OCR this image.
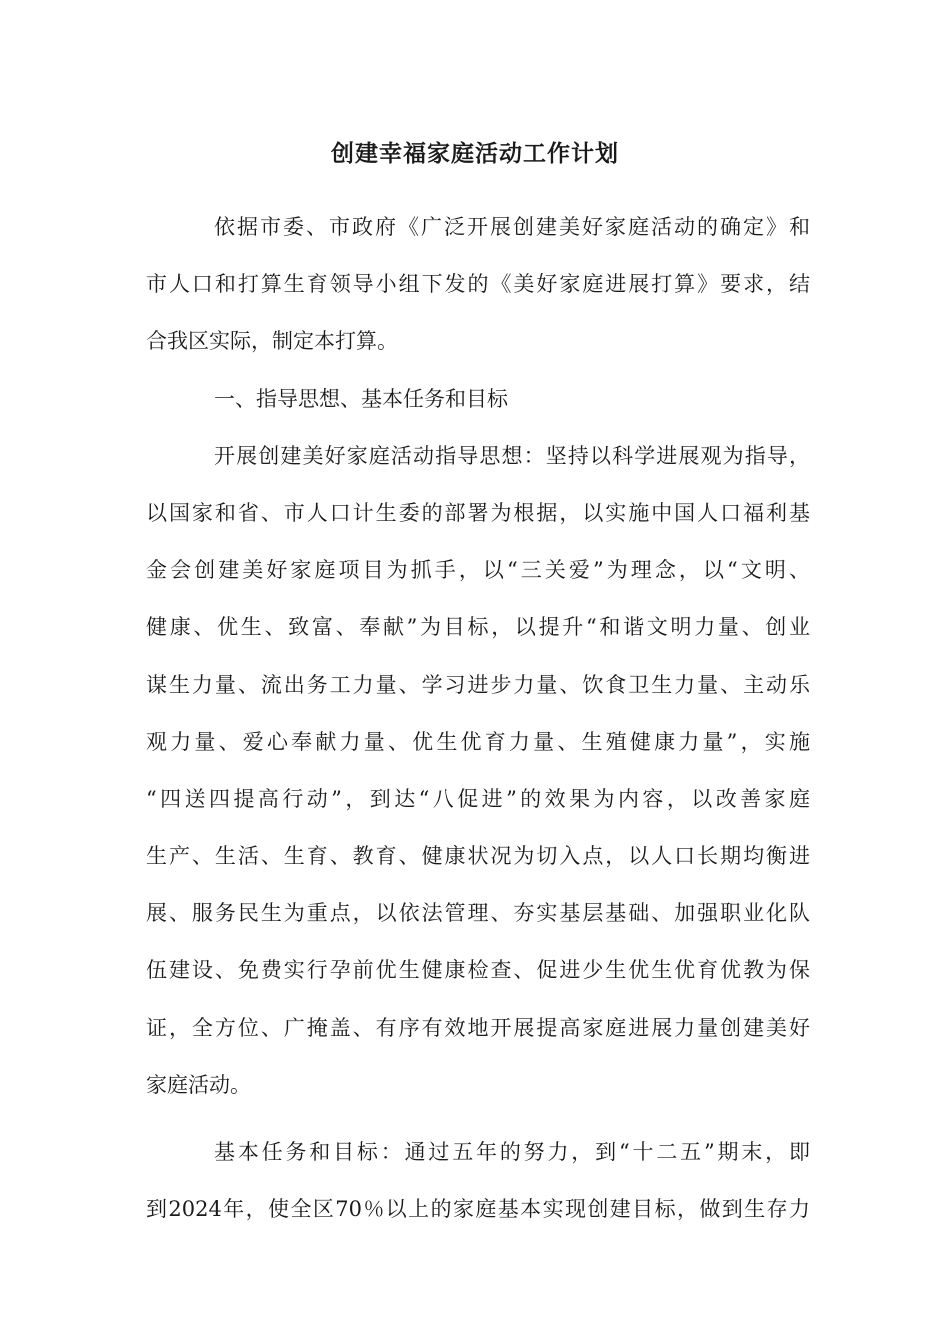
创建幸福家庭活动工作计划
依据市委、市政府《广泛开展创建美好家庭活动的确定》和
市人口和打算生育领导小组下发的《美好家庭进展打算》要求，结
合我区实际，制定本打算。
一、指导思想、基本任务和目标
开展创建美好家庭活动指导思想：坚持以科学进展观为指导，
以国家和省、市人口计生委的部署为根据，以实施中国人口福利基
金会创建美好家庭项目为抓手，以“三关爱”为理念，以“文明、
健康、优生、致富、奉献”为目标，以提升“和谐文明力量、创业
谋生力量、流出务工力量、学习进步力量、饮食卫生力量、主动乐
观力量、爱心奉献力量、优生优育力量、生殖健康力量”，实施
“四送四提高行动”，到达“八促进”的效果为内容，以改善家庭
生产、生活、生育、教育、健康状况为切入点，以人口长期均衡进
展、服务民生为重点，以依法管理、夯实基层基础、加强职业化队
伍建设、免费实行孕前优生健康检查、促进少生优生优育优教为保
证，全方位、广掩盖、有序有效地开展提高家庭进展力量创建美好
家庭活动。
基本任务和目标：通过五年的努力，到“十二五”期末，即
到2024年，使全区70％以上的家庭基本实现创建目标，做到生存力
